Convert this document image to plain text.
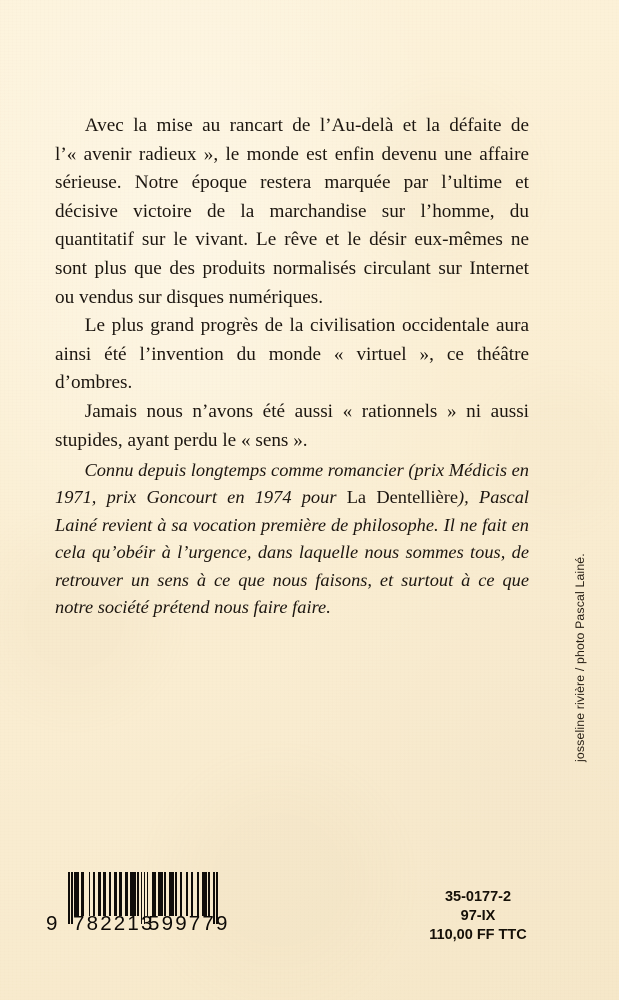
Avec la mise au rancart de l’Au-delà et la défaite de l’« avenir radieux », le monde est enfin devenu une affaire sérieuse. Notre époque restera marquée par l’ultime et décisive victoire de la marchandise sur l’homme, du quantitatif sur le vivant. Le rêve et le désir eux-mêmes ne sont plus que des produits normalisés circulant sur Internet ou vendus sur disques numériques.

Le plus grand progrès de la civilisation occidentale aura ainsi été l’invention du monde « virtuel », ce théâtre d’ombres.

Jamais nous n’avons été aussi « rationnels » ni aussi stupides, ayant perdu le « sens ».

Connu depuis longtemps comme romancier (prix Médicis en 1971, prix Goncourt en 1974 pour La Dentellière), Pascal Lainé revient à sa vocation première de philosophe. Il ne fait en cela qu’obéir à l’urgence, dans laquelle nous sommes tous, de retrouver un sens à ce que nous faisons, et surtout à ce que notre société prétend nous faire faire.

9 782213
599779
35-0177-2
97-IX
110,00 FF TTC
josseline rivière / photo Pascal Lainé.
